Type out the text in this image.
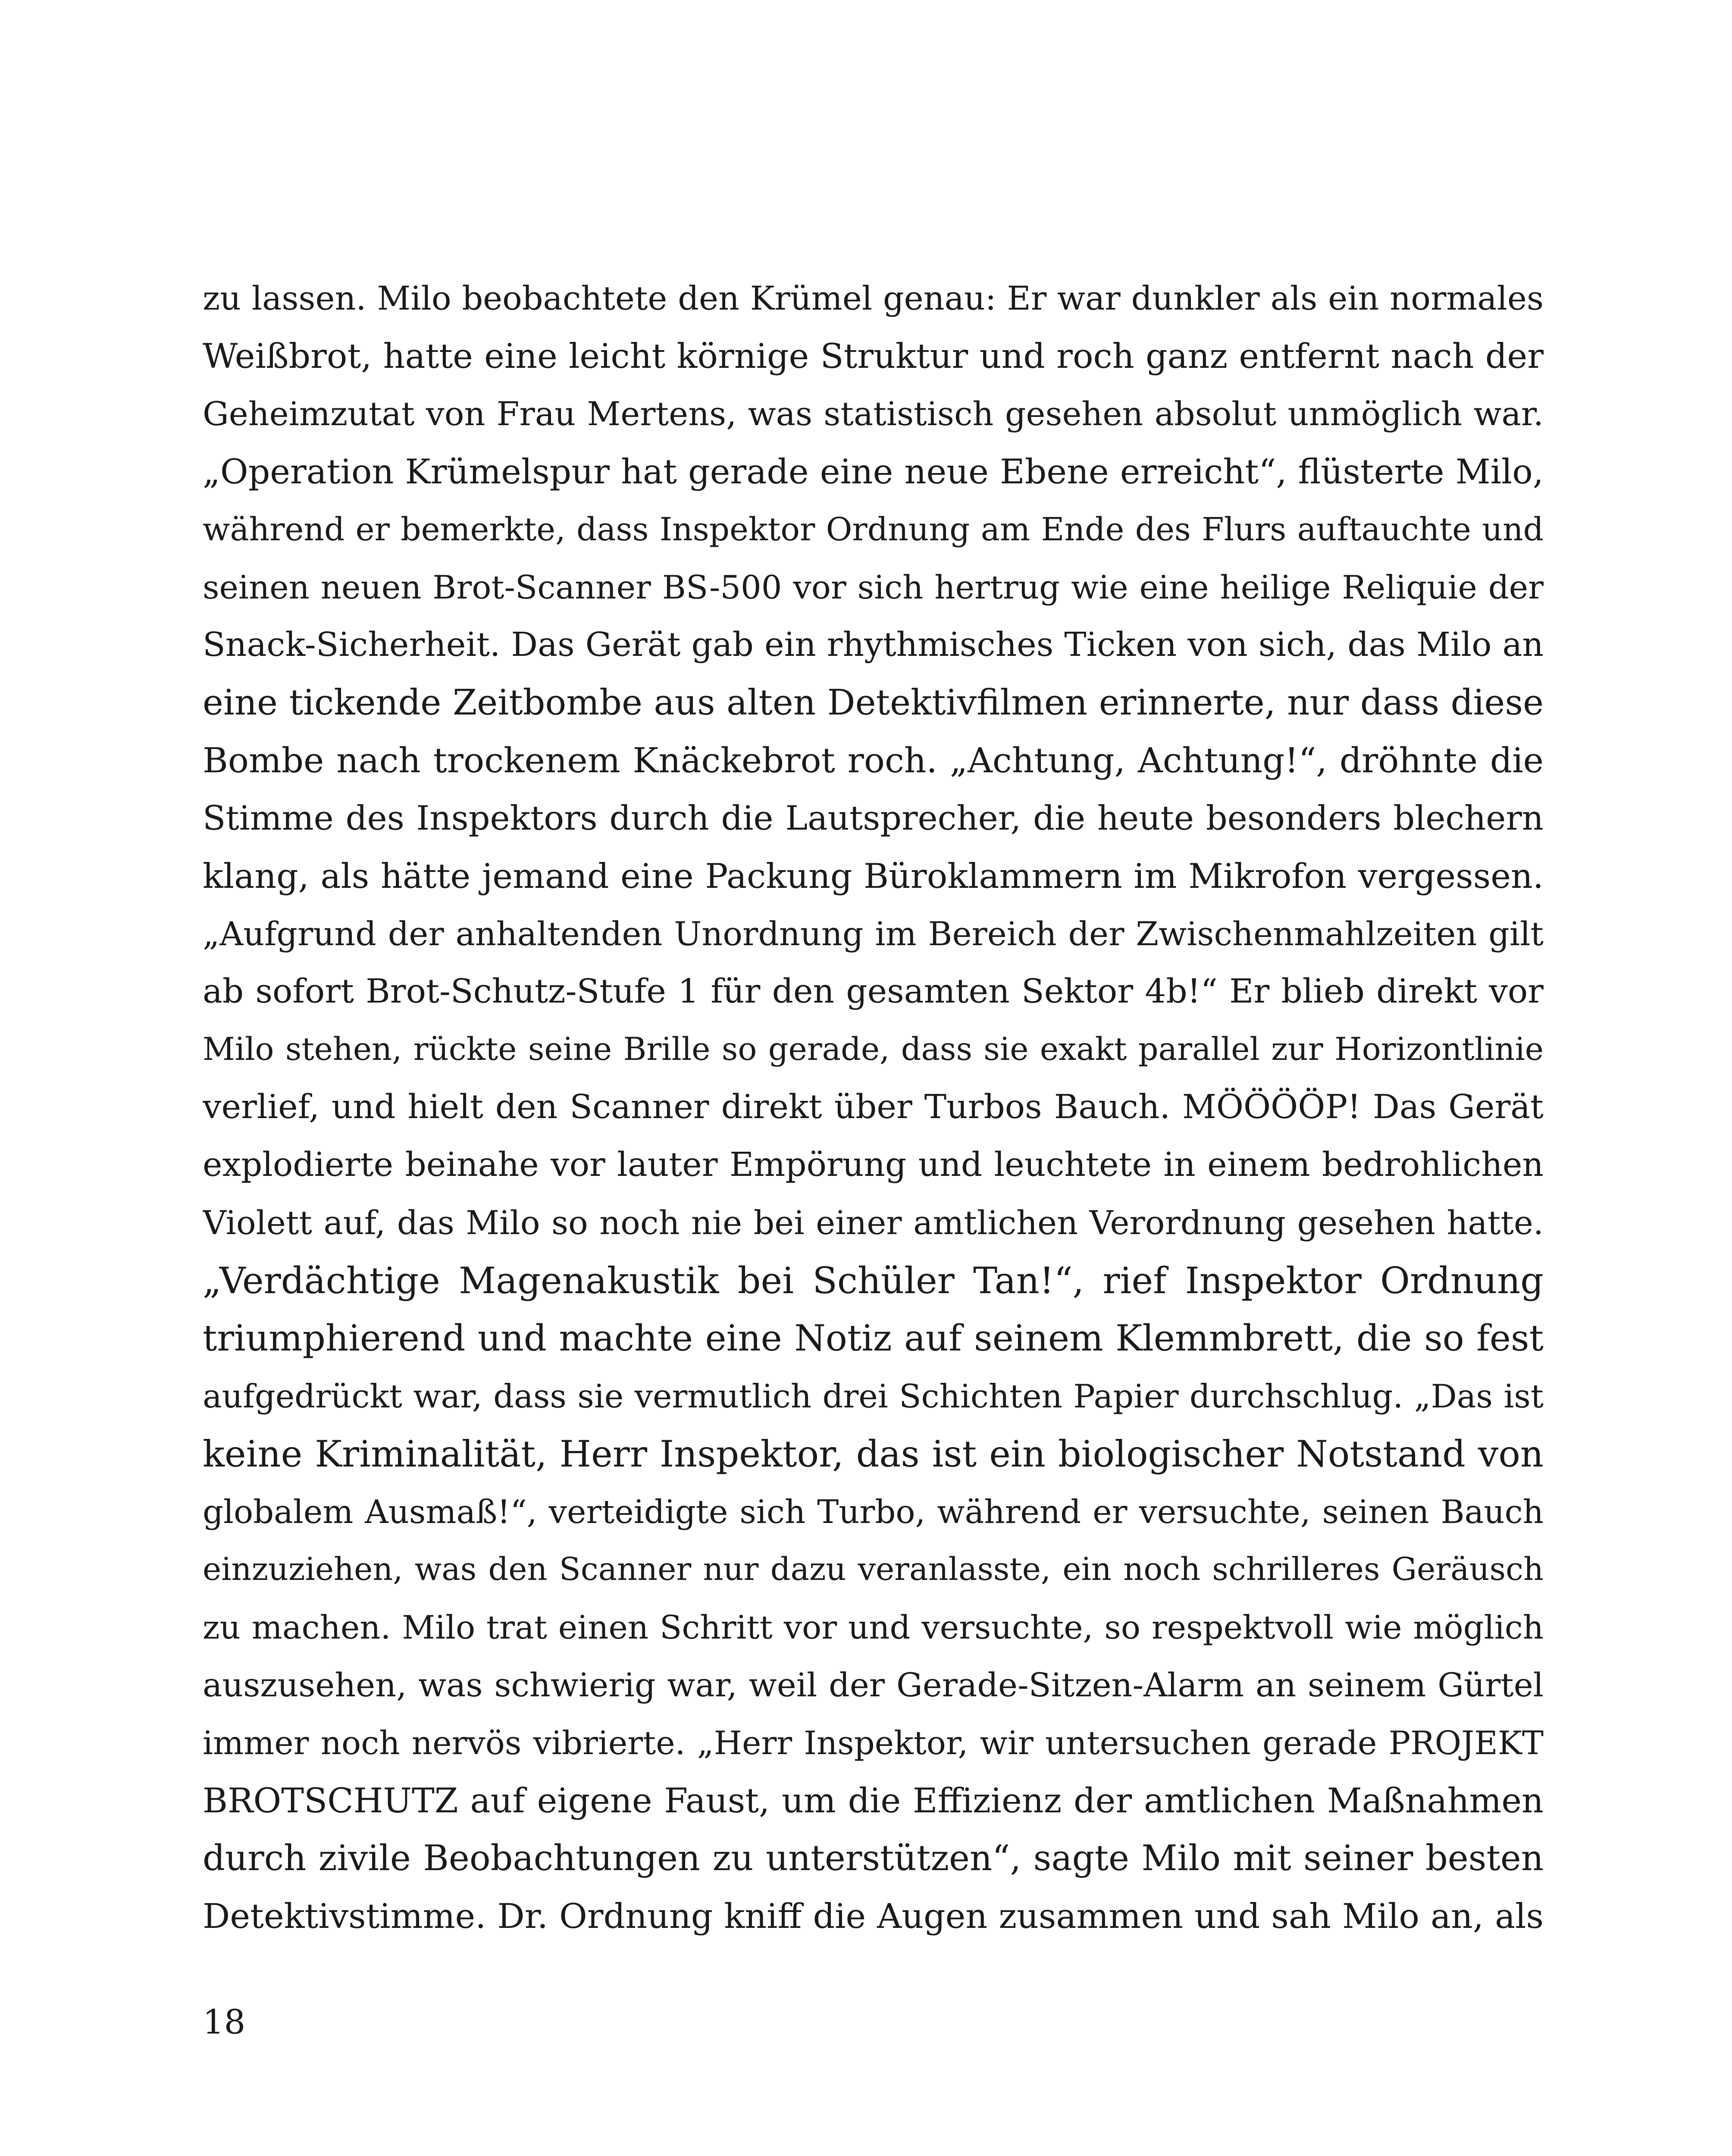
zu lassen. Milo beobachtete den Krümel genau: Er war dunkler als ein normales
Weißbrot, hatte eine leicht körnige Struktur und roch ganz entfernt nach der
Geheimzutat von Frau Mertens, was statistisch gesehen absolut unmöglich war.
„Operation Krümelspur hat gerade eine neue Ebene erreicht“, flüsterte Milo,
während er bemerkte, dass Inspektor Ordnung am Ende des Flurs auftauchte und
seinen neuen Brot-Scanner BS-500 vor sich hertrug wie eine heilige Reliquie der
Snack-Sicherheit. Das Gerät gab ein rhythmisches Ticken von sich, das Milo an
eine tickende Zeitbombe aus alten Detektivfilmen erinnerte, nur dass diese
Bombe nach trockenem Knäckebrot roch. „Achtung, Achtung!“, dröhnte die
Stimme des Inspektors durch die Lautsprecher, die heute besonders blechern
klang, als hätte jemand eine Packung Büroklammern im Mikrofon vergessen.
„Aufgrund der anhaltenden Unordnung im Bereich der Zwischenmahlzeiten gilt
ab sofort Brot-Schutz-Stufe 1 für den gesamten Sektor 4b!“ Er blieb direkt vor
Milo stehen, rückte seine Brille so gerade, dass sie exakt parallel zur Horizontlinie
verlief, und hielt den Scanner direkt über Turbos Bauch. MÖÖÖÖP! Das Gerät
explodierte beinahe vor lauter Empörung und leuchtete in einem bedrohlichen
Violett auf, das Milo so noch nie bei einer amtlichen Verordnung gesehen hatte.
„Verdächtige Magenakustik bei Schüler Tan!“, rief Inspektor Ordnung
triumphierend und machte eine Notiz auf seinem Klemmbrett, die so fest
aufgedrückt war, dass sie vermutlich drei Schichten Papier durchschlug. „Das ist
keine Kriminalität, Herr Inspektor, das ist ein biologischer Notstand von
globalem Ausmaß!“, verteidigte sich Turbo, während er versuchte, seinen Bauch
einzuziehen, was den Scanner nur dazu veranlasste, ein noch schrilleres Geräusch
zu machen. Milo trat einen Schritt vor und versuchte, so respektvoll wie möglich
auszusehen, was schwierig war, weil der Gerade-Sitzen-Alarm an seinem Gürtel
immer noch nervös vibrierte. „Herr Inspektor, wir untersuchen gerade PROJEKT
BROTSCHUTZ auf eigene Faust, um die Effizienz der amtlichen Maßnahmen
durch zivile Beobachtungen zu unterstützen“, sagte Milo mit seiner besten
Detektivstimme. Dr. Ordnung kniff die Augen zusammen und sah Milo an, als
18
